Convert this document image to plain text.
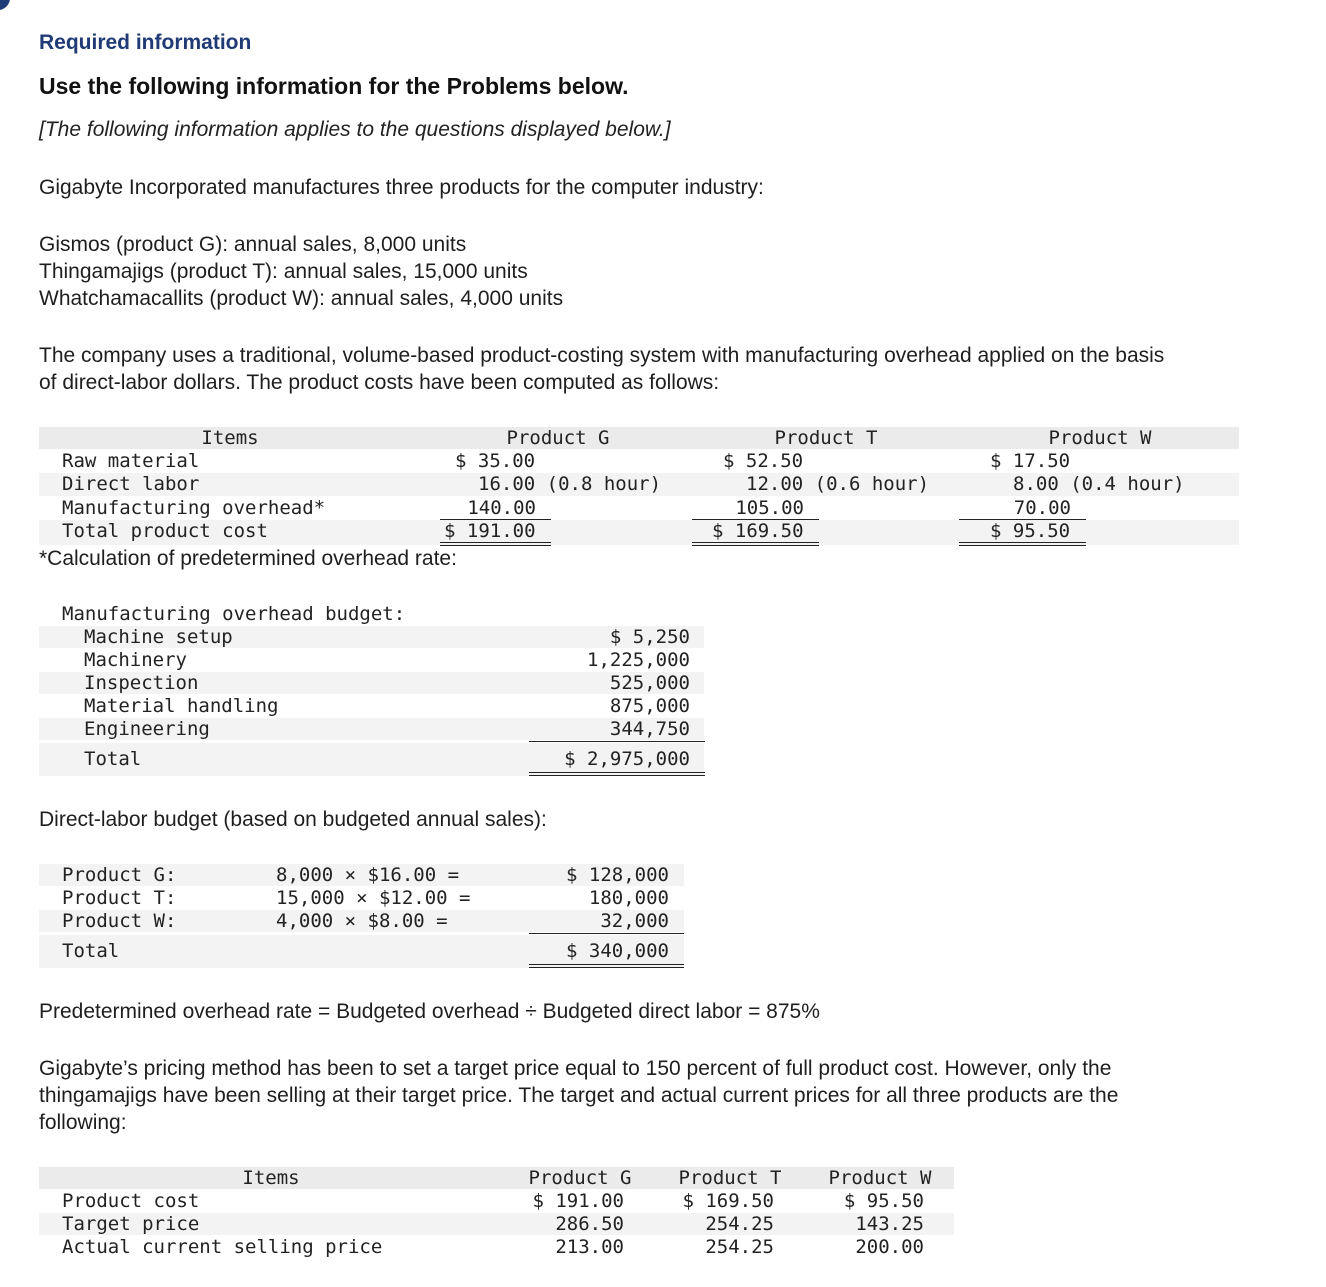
Required information
Use the following information for the Problems below.
[The following information applies to the questions displayed below.]
Gigabyte Incorporated manufactures three products for the computer industry:
Gismos (product G): annual sales, 8,000 units
Thingamajigs (product T): annual sales, 15,000 units
Whatchamacallits (product W): annual sales, 4,000 units
The company uses a traditional, volume-based product-costing system with manufacturing overhead applied on the basis
of direct-labor dollars. The product costs have been computed as follows:
Items	Product G	Product T	Product W
Raw material	$ 35.00	$ 52.50	$ 17.50
Direct labor	16.00 (0.8 hour)	12.00 (0.6 hour)	8.00 (0.4 hour)
Manufacturing overhead*	140.00	105.00	70.00
Total product cost	$ 191.00	$ 169.50	$ 95.50
*Calculation of predetermined overhead rate:
Manufacturing overhead budget:
Machine setup	$ 5,250
Machinery	1,225,000
Inspection	525,000
Material handling	875,000
Engineering	344,750
Total	$ 2,975,000
Direct-labor budget (based on budgeted annual sales):
Product G:	8,000 × $16.00 =	$ 128,000
Product T:	15,000 × $12.00 =	180,000
Product W:	4,000 × $8.00 =	32,000
Total	$ 340,000
Predetermined overhead rate = Budgeted overhead ÷ Budgeted direct labor = 875%
Gigabyte’s pricing method has been to set a target price equal to 150 percent of full product cost. However, only the
thingamajigs have been selling at their target price. The target and actual current prices for all three products are the
following:
Items	Product G	Product T	Product W
Product cost	$ 191.00	$ 169.50	$ 95.50
Target price	286.50	254.25	143.25
Actual current selling price	213.00	254.25	200.00
